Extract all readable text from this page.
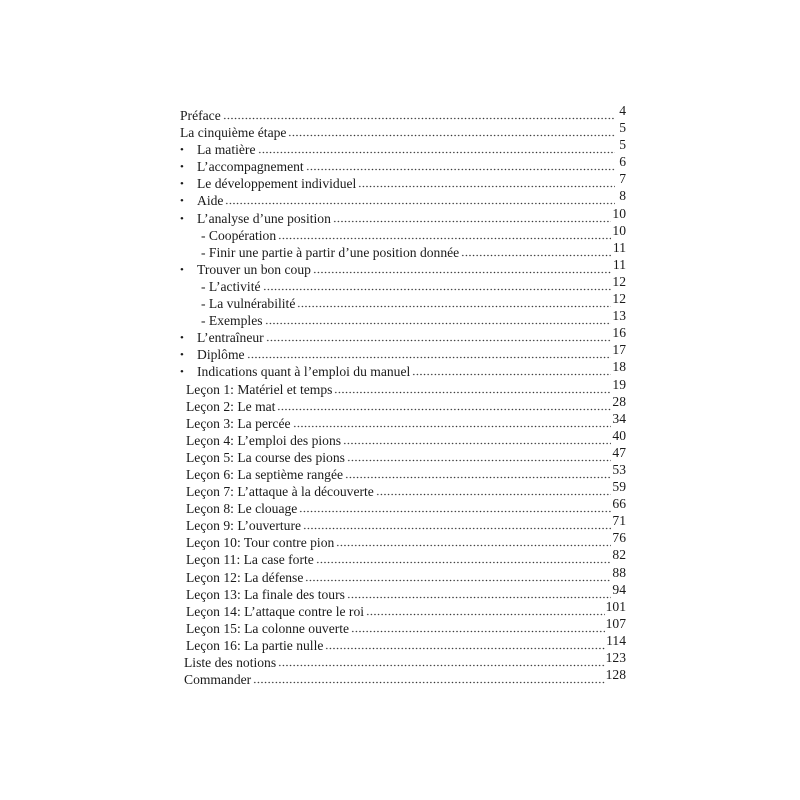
Préface	4
La cinquième étape	5
• La matière	5
• L’accompagnement	6
• Le développement individuel	7
• Aide	8
• L’analyse d’une position	10
- Coopération	10
- Finir une partie à partir d’une position donnée	11
• Trouver un bon coup	11
- L’activité	12
- La vulnérabilité	12
- Exemples	13
• L’entraîneur	16
• Diplôme	17
• Indications quant à l’emploi du manuel	18
Leçon 1: Matériel et temps	19
Leçon 2: Le mat	28
Leçon 3: La percée	34
Leçon 4: L’emploi des pions	40
Leçon 5: La course des pions	47
Leçon 6: La septième rangée	53
Leçon 7: L’attaque à la découverte	59
Leçon 8: Le clouage	66
Leçon 9: L’ouverture	71
Leçon 10: Tour contre pion	76
Leçon 11: La case forte	82
Leçon 12: La défense	88
Leçon 13: La finale des tours	94
Leçon 14: L’attaque contre le roi	101
Leçon 15: La colonne ouverte	107
Leçon 16: La partie nulle	114
Liste des notions	123
Commander	128
